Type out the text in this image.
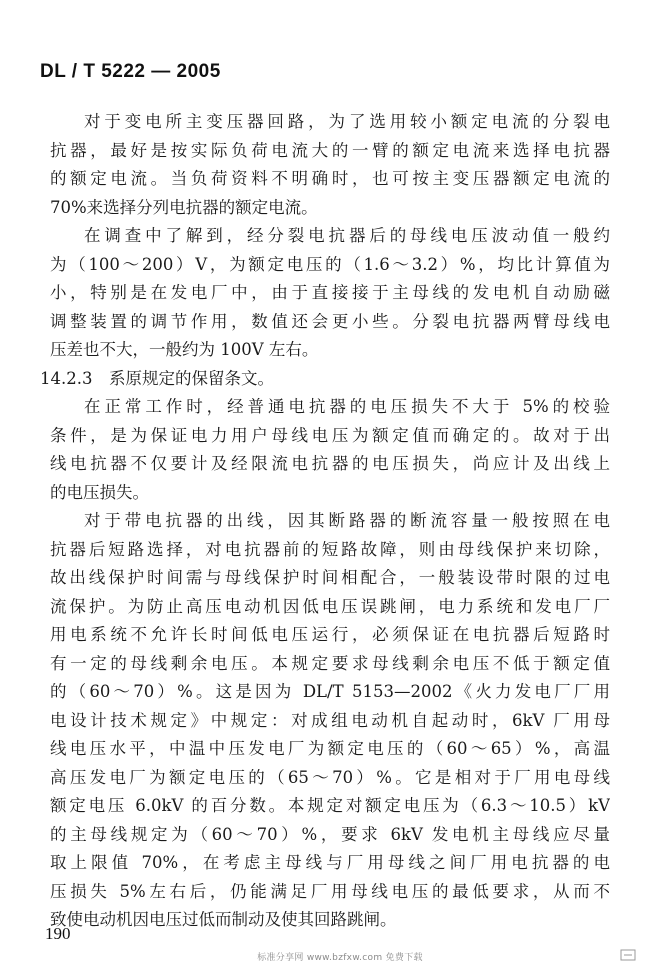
DL / T 5222 — 2005
对于变电所主变压器回路，为了选用较小额定电流的分裂电
抗器，最好是按实际负荷电流大的一臂的额定电流来选择电抗器
的额定电流。当负荷资料不明确时，也可按主变压器额定电流的
70%来选择分列电抗器的额定电流。
在调查中了解到，经分裂电抗器后的母线电压波动值一般约
为（100～200）V，为额定电压的（1.6～3.2）%，均比计算值为
小，特别是在发电厂中，由于直接接于主母线的发电机自动励磁
调整装置的调节作用，数值还会更小些。分裂电抗器两臂母线电
压差也不大，一般约为 100V 左右。
14.2.3　系原规定的保留条文。
在正常工作时，经普通电抗器的电压损失不大于 5%的校验
条件，是为保证电力用户母线电压为额定值而确定的。故对于出
线电抗器不仅要计及经限流电抗器的电压损失，尚应计及出线上
的电压损失。
对于带电抗器的出线，因其断路器的断流容量一般按照在电
抗器后短路选择，对电抗器前的短路故障，则由母线保护来切除，
故出线保护时间需与母线保护时间相配合，一般装设带时限的过电
流保护。为防止高压电动机因低电压误跳闸，电力系统和发电厂厂
用电系统不允许长时间低电压运行，必须保证在电抗器后短路时
有一定的母线剩余电压。本规定要求母线剩余电压不低于额定值
的（60～70）%。这是因为 DL/T 5153—2002《火力发电厂厂用
电设计技术规定》中规定：对成组电动机自起动时，6kV 厂用母
线电压水平，中温中压发电厂为额定电压的（60～65）%，高温
高压发电厂为额定电压的（65～70）%。它是相对于厂用电母线
额定电压 6.0kV 的百分数。本规定对额定电压为（6.3～10.5）kV
的主母线规定为（60～70）%，要求 6kV 发电机主母线应尽量
取上限值 70%，在考虑主母线与厂用母线之间厂用电抗器的电
压损失 5%左右后，仍能满足厂用母线电压的最低要求，从而不
致使电动机因电压过低而制动及使其回路跳闸。
190
标准分享网 www.bzfxw.com 免费下载
